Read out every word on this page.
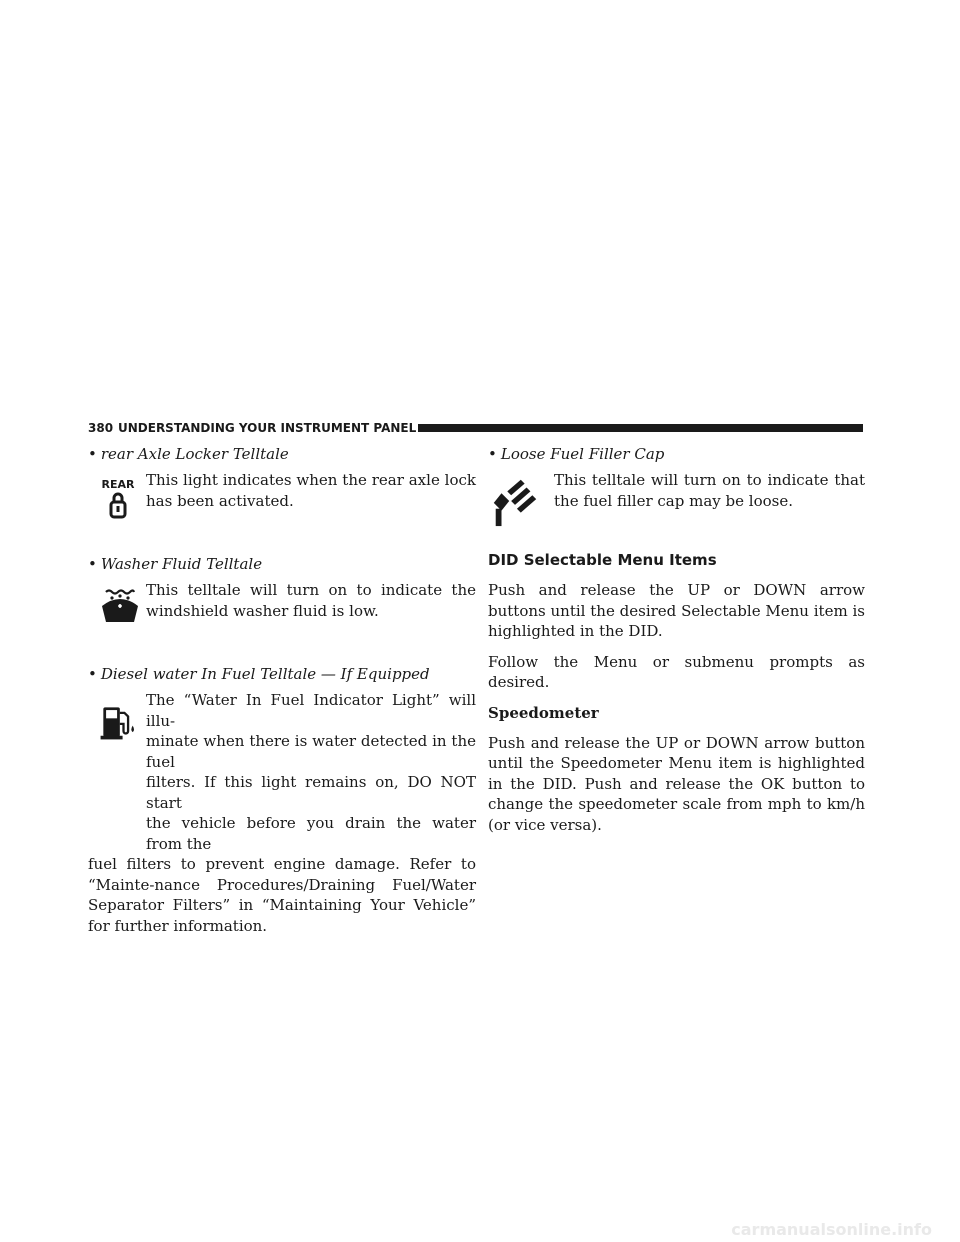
380 UNDERSTANDING YOUR INSTRUMENT PANEL
• rear Axle Locker Telltale
REAR This light indicates when the rear axle lock has been activated.

• Washer Fluid Telltale

This telltale will turn on to indicate the windshield washer fluid is low.

• Diesel water In Fuel Telltale — If Equipped

The “Water In Fuel Indicator Light” will illu-
minate when there is water detected in the fuel
filters. If this light remains on, DO NOT start
the vehicle before you drain the water from the

fuel filters to prevent engine damage. Refer to “Mainte-nance Procedures/Draining Fuel/Water Separator Filters” in “Maintaining Your Vehicle” for further information.

• Loose Fuel Filler Cap

This telltale will turn on to indicate that the fuel filler cap may be loose.

DID Selectable Menu Items

Push and release the UP or DOWN arrow buttons until the desired Selectable Menu item is highlighted in the DID.

Follow the Menu or submenu prompts as desired.

Speedometer

Push and release the UP or DOWN arrow button until the Speedometer Menu item is highlighted in the DID. Push and release the OK button to change the speedometer scale from mph to km/h (or vice versa).

carmanualsonline.info
